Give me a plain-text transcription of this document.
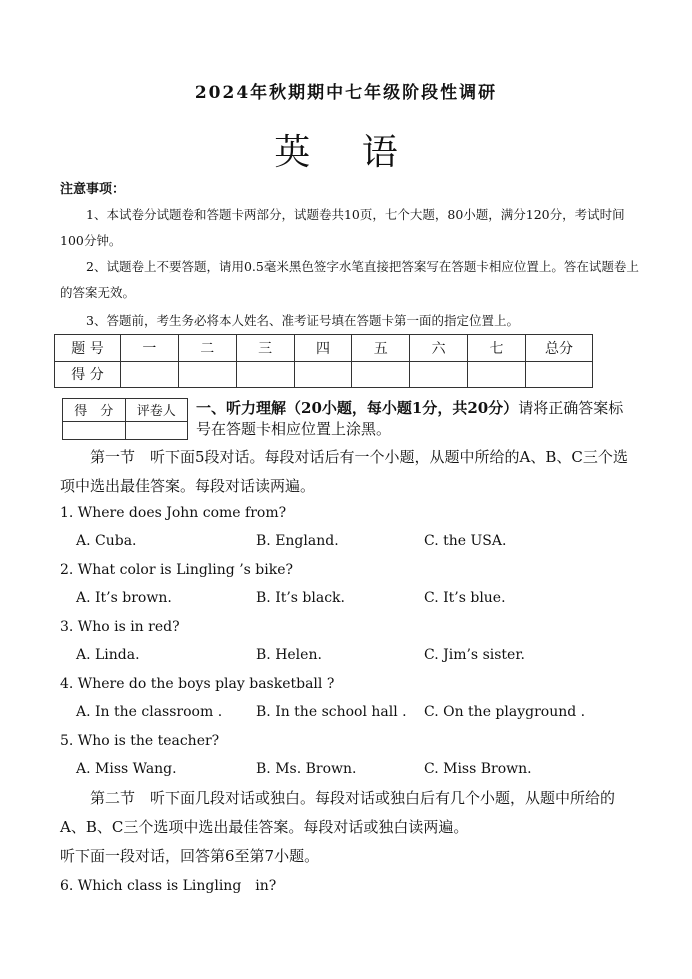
2024年秋期期中七年级阶段性调研
英 语
注意事项：
1、本试卷分试题卷和答题卡两部分，试题卷共10页，七个大题，80小题，满分120分，考试时间100分钟。
2、试题卷上不要答题，请用0.5毫米黑色签字水笔直接把答案写在答题卡相应位置上。答在试题卷上的答案无效。
3、答题前，考生务必将本人姓名、准考证号填在答题卡第一面的指定位置上。
题 号	一	二	三	四	五	六	七	总分
得 分								
得　分	评卷人
	一、听力理解（20小题，每小题1分，共20分）请将正确答案标号在答题卡相应位置上涂黑。
第一节　听下面5段对话。每段对话后有一个小题，从题中所给的A、B、C三个选项中选出最佳答案。每段对话读两遍。
1. Where does John come from?
A. Cuba.	B. England.	C. the USA.
2. What color is Lingling ’s bike?
A. It’s brown.	B. It’s black.	C. It’s blue.
3. Who is in red?
A. Linda.	B. Helen.	C. Jim’s sister.
4. Where do the boys play basketball ?
A. In the classroom . B. In the school hall . C. On the playground .
5. Who is the teacher?
A. Miss Wang.	B. Ms. Brown.	C. Miss Brown.
第二节　听下面几段对话或独白。每段对话或独白后有几个小题，从题中所给的A、B、C三个选项中选出最佳答案。每段对话或独白读两遍。
听下面一段对话，回答第6至第7小题。
6. Which class is Lingling　in?
